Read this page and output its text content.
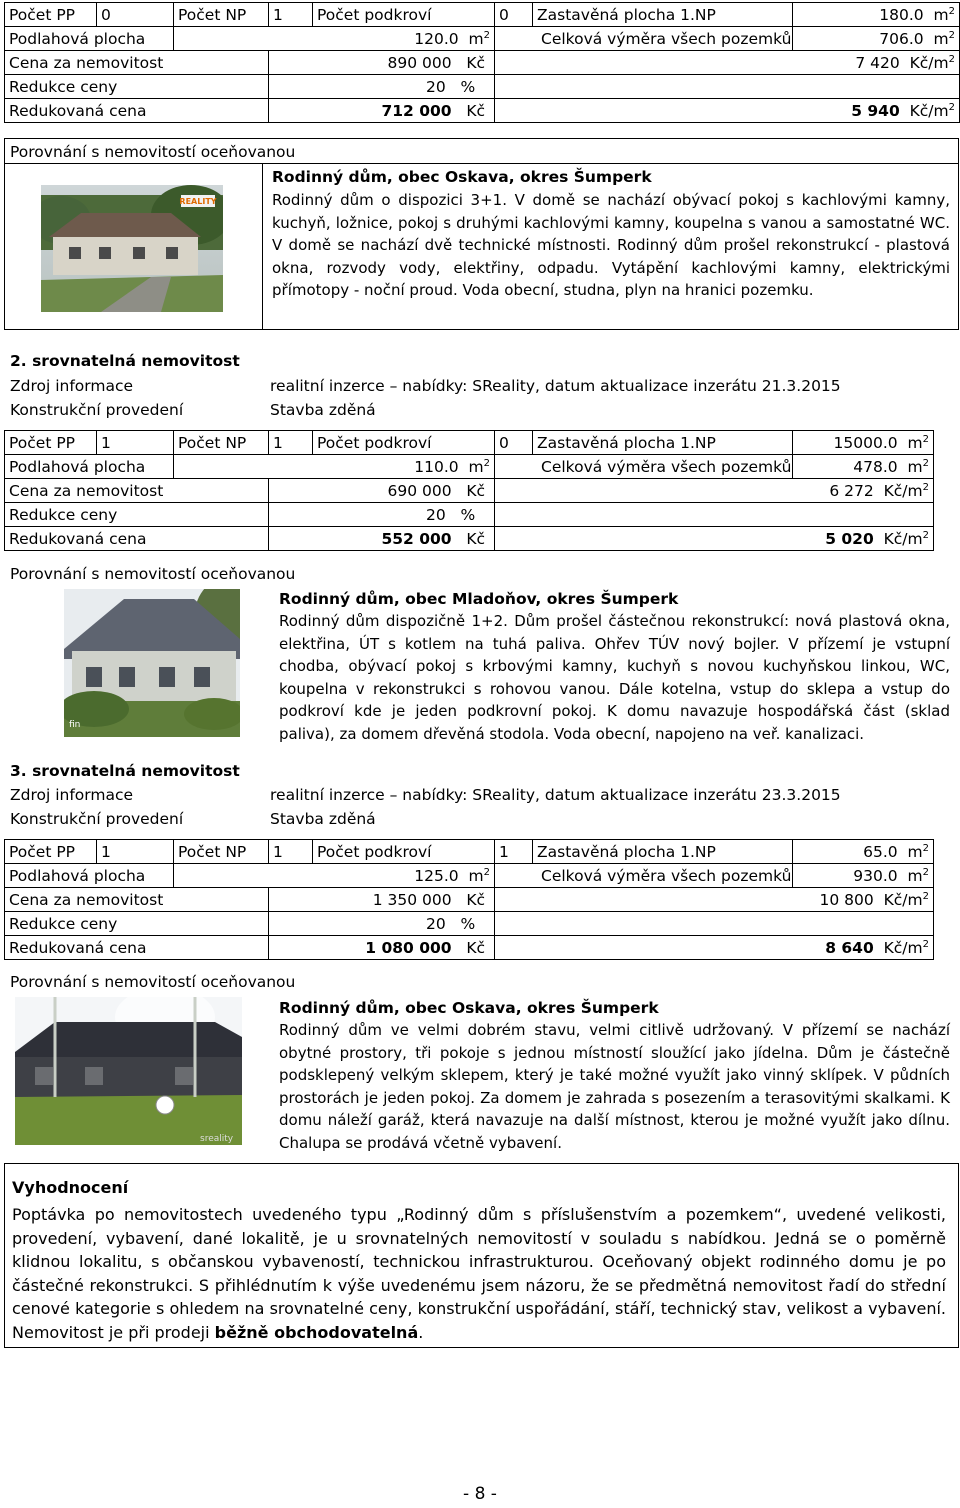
Počet PP	0	Počet NP	1	Počet podkroví	0	Zastavěná plocha 1.NP	180.0 $m^2$
Podlahová plocha		120.0 $m^2$			Celková výměra všech pozemků		706.0 $m^2$
Cena za nemovitost			890 000 Kč		7 420 $Kč/m^2$
Redukce ceny			20 %				
Redukovaná cena			712 000 Kč		5 940 $Kč/m^2$
Porovnání s nemovitostí oceňovanou
REALITY
Rodinný dům, obec Oskava, okres Šumperk
Rodinný dům o dispozici 3+1. V domě se nachází obývací pokoj s kachlovými kamny, kuchyň, ložnice, pokoj s druhými kachlovými kamny, koupelna s vanou a samostatné WC. V domě se nachází dvě technické místnosti. Rodinný dům prošel rekonstrukcí - plastová okna, rozvody vody, elektřiny, odpadu. Vytápění kachlovými kamny, elektrickými přímotopy - noční proud. Voda obecní, studna, plyn na hranici pozemku.
2. srovnatelná nemovitost
Zdroj informace	realitní inzerce – nabídky: SReality, datum aktualizace inzerátu 21.3.2015
Konstrukční provedení	Stavba zděná
Počet PP	1	Počet NP	1	Počet podkroví	0	Zastavěná plocha 1.NP	15000.0 $m^2$
Podlahová plocha		110.0 $m^2$			Celková výměra všech pozemků		478.0 $m^2$
Cena za nemovitost			690 000 Kč		6 272 $Kč/m^2$
Redukce ceny			20 %				
Redukovaná cena			552 000 Kč		5 020 $Kč/m^2$
Porovnání s nemovitostí oceňovanou
fin
Rodinný dům, obec Mladoňov, okres Šumperk
Rodinný dům dispozičně 1+2. Dům prošel částečnou rekonstrukcí: nová plastová okna, elektřina, ÚT s kotlem na tuhá paliva. Ohřev TÚV nový bojler. V přízemí je vstupní chodba, obývací pokoj s krbovými kamny, kuchyň s novou kuchyňskou linkou, WC, koupelna v rekonstrukci s rohovou vanou. Dále kotelna, vstup do sklepa a vstup do podkroví kde je jeden podkrovní pokoj. K domu navazuje hospodářská část (sklad paliva), za domem dřevěná stodola. Voda obecní, napojeno na veř. kanalizaci.
3. srovnatelná nemovitost
Zdroj informace	realitní inzerce – nabídky: SReality, datum aktualizace inzerátu 23.3.2015
Konstrukční provedení	Stavba zděná
Počet PP	1	Počet NP	1	Počet podkroví	1	Zastavěná plocha 1.NP	65.0 $m^2$
Podlahová plocha		125.0 $m^2$			Celková výměra všech pozemků		930.0 $m^2$
Cena za nemovitost			1 350 000 Kč		10 800 $Kč/m^2$
Redukce ceny			20 %				
Redukovaná cena			1 080 000 Kč		8 640 $Kč/m^2$
Porovnání s nemovitostí oceňovanou
sreality
Rodinný dům, obec Oskava, okres Šumperk
Rodinný dům ve velmi dobrém stavu, velmi citlivě udržovaný. V přízemí se nachází obytné prostory, tři pokoje s jednou místností sloužící jako jídelna. Dům je částečně podsklepený velkým sklepem, který je také možné využít jako vinný sklípek. V půdních prostorách je jeden pokoj. Za domem je zahrada s posezením a terasovitými skalkami. K domu náleží garáž, která navazuje na další místnost, kterou je možné využít jako dílnu. Chalupa se prodává včetně vybavení.
Vyhodnocení
Poptávka po nemovitostech uvedeného typu „Rodinný dům s příslušenstvím a pozemkem“, uvedené velikosti, provedení, vybavení, dané lokalitě, je u srovnatelných nemovitostí v souladu s nabídkou. Jedná se o poměrně klidnou lokalitu, s občanskou vybaveností, technickou infrastrukturou. Oceňovaný objekt rodinného domu je po částečné rekonstrukci. S přihlédnutím k výše uvedenému jsem názoru, že se předmětná nemovitost řadí do střední cenové kategorie s ohledem na srovnatelné ceny, konstrukční uspořádání, stáří, technický stav, velikost a vybavení. Nemovitost je při prodeji běžně obchodovatelná.
- 8 -
